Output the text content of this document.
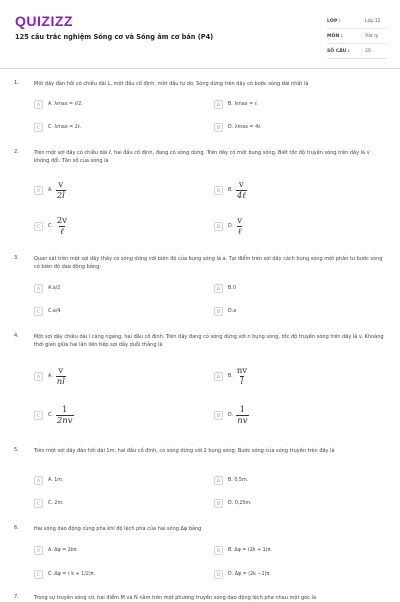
QUIZIZZ
125 câu trắc nghiệm Sóng cơ và Sóng âm cơ bản (P4)
LỚP :	Lớp 12
MÔN :	Vật lý
SỐ CÂU :	25
1.	Một dây đàn hồi có chiều dài L, một đầu cố định, một đầu tự do. Sóng dừng trên dây có bước sóng dài nhất là
A	A. λmax = ℓ/2.	B	B. λmax = ℓ.
C	C. λmax = 2ℓ.	D	D. λmax = 4ℓ.
2.	Trên một sợi dây có chiều dài ℓ, hai đầu cố định, đang có sóng dừng. Trên dây có một bụng sóng. Biết tốc độ truyền sóng trên dây là v không đổi. Tần số của sóng là
A	A. $\frac{v}{2l}$	B	B. $\frac{v}{\text{4ℓ}}$
C	C. $\frac{2v}{\text{ℓ}}$	D	D. $\frac{v}{\text{ℓ}}$
3.	Quan sát trên một sợi dây thấy có sóng dừng với biên độ của bụng sóng là a. Tại điểm trên sợi dây cách bụng sóng một phần tư bước sóng có biên độ dao động bằng:
A	A.a/2	B	B.0
C	C.a/4	D	D.a
4.	Một sợi dây chiều dài l căng ngang, hai đầu cố định. Trên dây đang có sóng dừng với n bụng sóng, tốc độ truyền sóng trên dây là v. Khoảng thời gian giữa hai lần liên tiếp sợi dây duỗi thẳng là
A	A. $\frac{v}{nl}$	B	B. $\frac{nv}{l}$
C	C. $\frac{1}{2nv}$	D	D. $\frac{1}{nv}$
5.	Trên một sợi dây đàn hồi dài 1m, hai đầu cố định, có sóng dừng với 2 bụng sóng. Bước sóng của sóng truyền trên đây là
A	A. 1m.	B	B. 0,5m.
C	C. 2m.	D	D. 0,25m.
6.	Hai sóng dao động cùng pha khi độ lệch pha của hai sóng Δφ bằng
A	A. Δφ = 2kπ.	B	B. Δφ = (2k + 1)π.
C	C. Δφ = ( k + 1/2)π.	D	D. Δφ = (2k −1)π.
7.	Trong sự truyền sóng cơ, hai điểm M và N nằm trên một phương truyền sóng dao động lệch pha nhau một góc là
